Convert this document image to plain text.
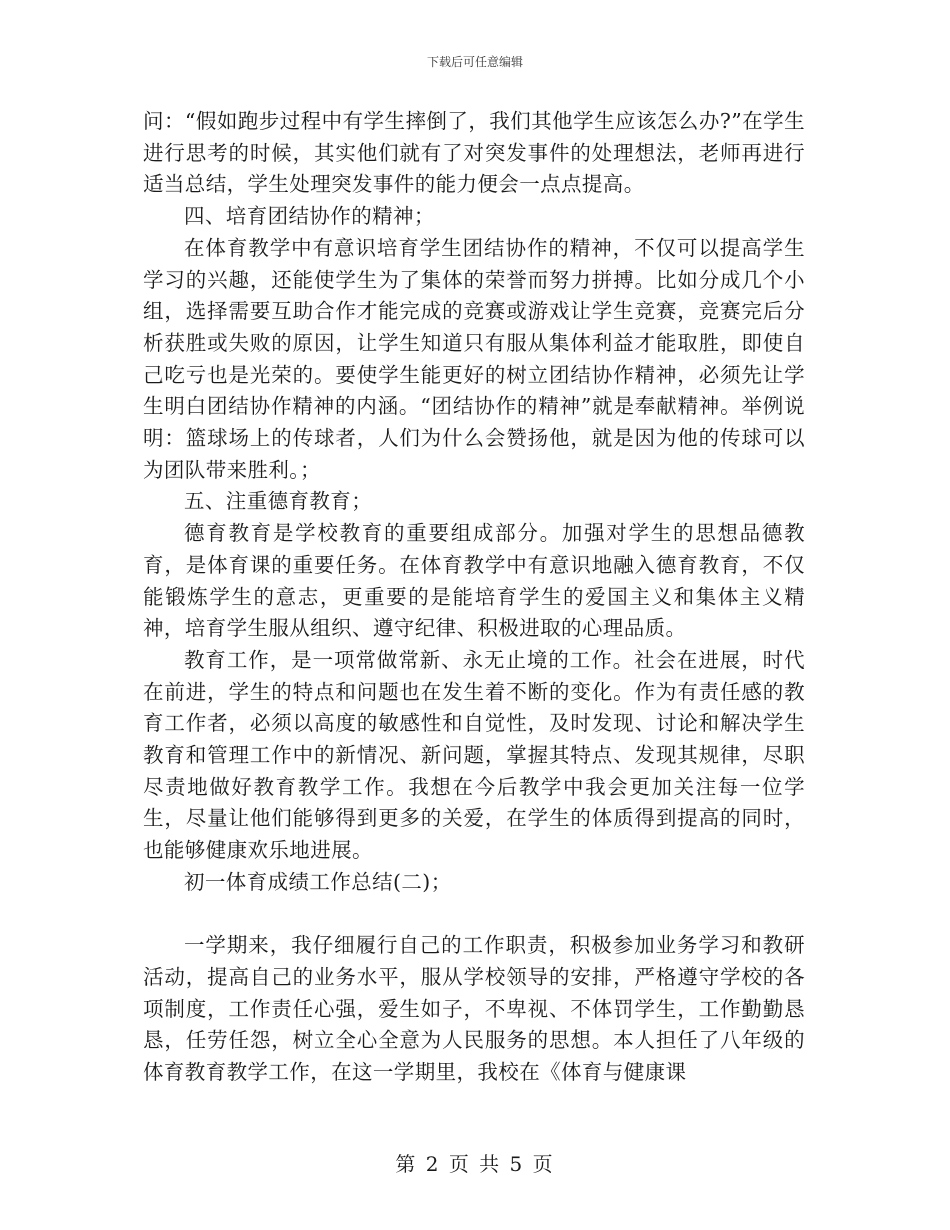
下载后可任意编辑

问：“假如跑步过程中有学生摔倒了，我们其他学生应该怎么办?”在学生进行思考的时候，其实他们就有了对突发事件的处理想法，老师再进行适当总结，学生处理突发事件的能力便会一点点提高。

四、培育团结协作的精神；

在体育教学中有意识培育学生团结协作的精神，不仅可以提高学生学习的兴趣，还能使学生为了集体的荣誉而努力拼搏。比如分成几个小组，选择需要互助合作才能完成的竞赛或游戏让学生竞赛，竞赛完后分析获胜或失败的原因，让学生知道只有服从集体利益才能取胜，即使自己吃亏也是光荣的。要使学生能更好的树立团结协作精神，必须先让学生明白团结协作精神的内涵。“团结协作的精神”就是奉献精神。举例说明：篮球场上的传球者，人们为什么会赞扬他，就是因为他的传球可以为团队带来胜利。；

五、注重德育教育；

德育教育是学校教育的重要组成部分。加强对学生的思想品德教育，是体育课的重要任务。在体育教学中有意识地融入德育教育，不仅能锻炼学生的意志，更重要的是能培育学生的爱国主义和集体主义精神，培育学生服从组织、遵守纪律、积极进取的心理品质。

教育工作，是一项常做常新、永无止境的工作。社会在进展，时代在前进，学生的特点和问题也在发生着不断的变化。作为有责任感的教育工作者，必须以高度的敏感性和自觉性，及时发现、讨论和解决学生教育和管理工作中的新情况、新问题，掌握其特点、发现其规律，尽职尽责地做好教育教学工作。我想在今后教学中我会更加关注每一位学生，尽量让他们能够得到更多的关爱，在学生的体质得到提高的同时，也能够健康欢乐地进展。

初一体育成绩工作总结(二)；

一学期来，我仔细履行自己的工作职责，积极参加业务学习和教研活动，提高自己的业务水平，服从学校领导的安排，严格遵守学校的各项制度，工作责任心强，爱生如子，不卑视、不体罚学生，工作勤勤恳恳，任劳任怨，树立全心全意为人民服务的思想。本人担任了八年级的体育教育教学工作，在这一学期里，我校在《体育与健康课

第 2 页 共 5 页
